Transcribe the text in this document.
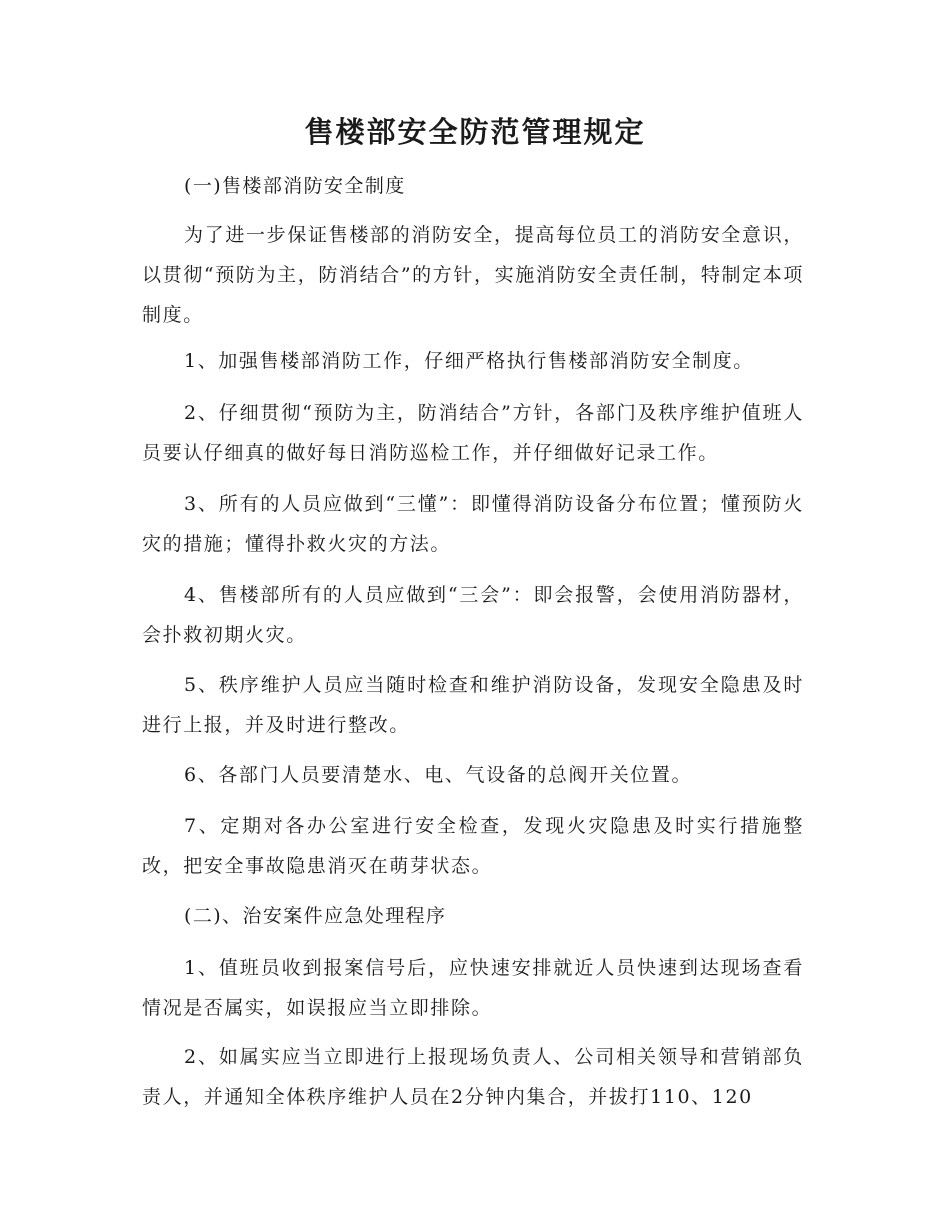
售楼部安全防范管理规定

(一)售楼部消防安全制度

为了进一步保证售楼部的消防安全，提高每位员工的消防安全意识，以贯彻“预防为主，防消结合”的方针，实施消防安全责任制，特制定本项制度。

1、加强售楼部消防工作，仔细严格执行售楼部消防安全制度。

2、仔细贯彻“预防为主，防消结合”方针，各部门及秩序维护值班人员要认仔细真的做好每日消防巡检工作，并仔细做好记录工作。

3、所有的人员应做到“三懂”：即懂得消防设备分布位置；懂预防火灾的措施；懂得扑救火灾的方法。

4、售楼部所有的人员应做到“三会”：即会报警，会使用消防器材，会扑救初期火灾。

5、秩序维护人员应当随时检查和维护消防设备，发现安全隐患及时进行上报，并及时进行整改。

6、各部门人员要清楚水、电、气设备的总阀开关位置。

7、定期对各办公室进行安全检查，发现火灾隐患及时实行措施整改，把安全事故隐患消灭在萌芽状态。

(二)、治安案件应急处理程序

1、值班员收到报案信号后，应快速安排就近人员快速到达现场查看情况是否属实，如误报应当立即排除。

2、如属实应当立即进行上报现场负责人、公司相关领导和营销部负责人，并通知全体秩序维护人员在2分钟内集合，并拔打110、120
